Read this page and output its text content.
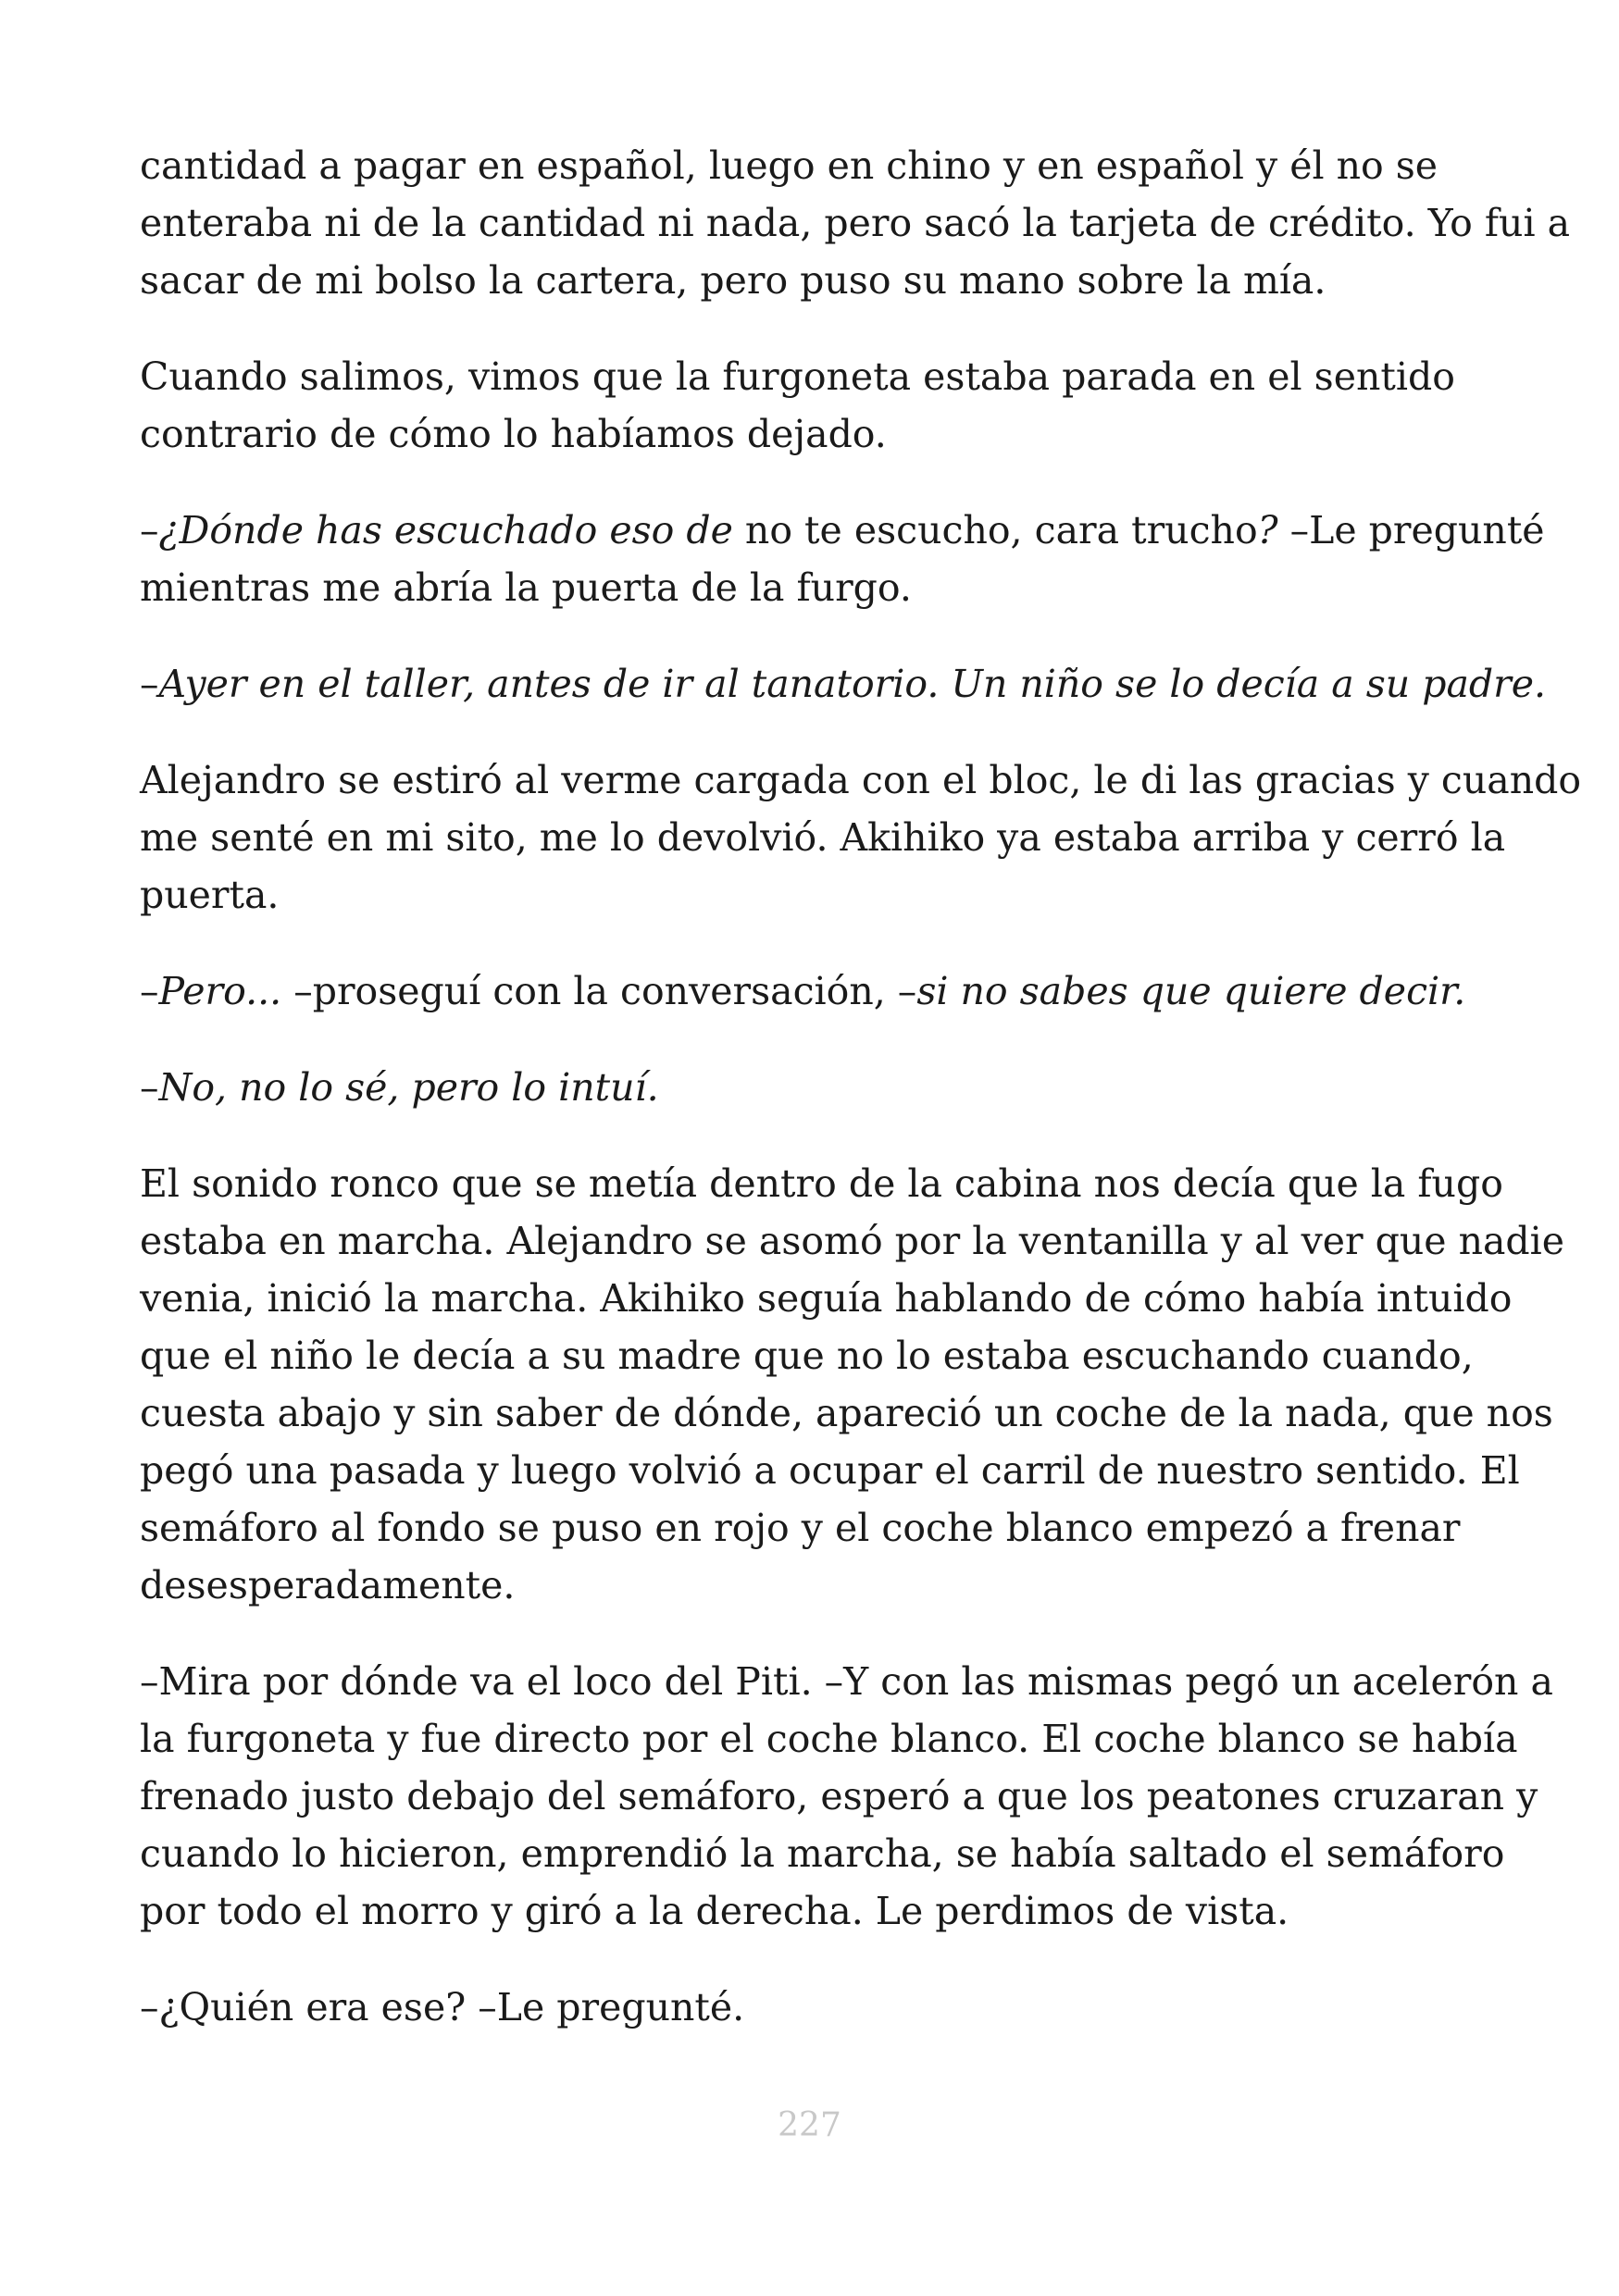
cantidad a pagar en español, luego en chino y en español y él no se
enteraba ni de la cantidad ni nada, pero sacó la tarjeta de crédito. Yo fui a
sacar de mi bolso la cartera, pero puso su mano sobre la mía.

Cuando salimos, vimos que la furgoneta estaba parada en el sentido
contrario de cómo lo habíamos dejado.

–¿Dónde has escuchado eso de no te escucho, cara trucho? –Le pregunté
mientras me abría la puerta de la furgo.

–Ayer en el taller, antes de ir al tanatorio. Un niño se lo decía a su padre.

Alejandro se estiró al verme cargada con el bloc, le di las gracias y cuando
me senté en mi sito, me lo devolvió. Akihiko ya estaba arriba y cerró la
puerta.

–Pero... –proseguí con la conversación, –si no sabes que quiere decir.

–No, no lo sé, pero lo intuí.

El sonido ronco que se metía dentro de la cabina nos decía que la fugo
estaba en marcha. Alejandro se asomó por la ventanilla y al ver que nadie
venia, inició la marcha. Akihiko seguía hablando de cómo había intuido
que el niño le decía a su madre que no lo estaba escuchando cuando,
cuesta abajo y sin saber de dónde, apareció un coche de la nada, que nos
pegó una pasada y luego volvió a ocupar el carril de nuestro sentido. El
semáforo al fondo se puso en rojo y el coche blanco empezó a frenar
desesperadamente.

–Mira por dónde va el loco del Piti. –Y con las mismas pegó un acelerón a
la furgoneta y fue directo por el coche blanco. El coche blanco se había
frenado justo debajo del semáforo, esperó a que los peatones cruzaran y
cuando lo hicieron, emprendió la marcha, se había saltado el semáforo
por todo el morro y giró a la derecha. Le perdimos de vista.

–¿Quién era ese? –Le pregunté.

227
